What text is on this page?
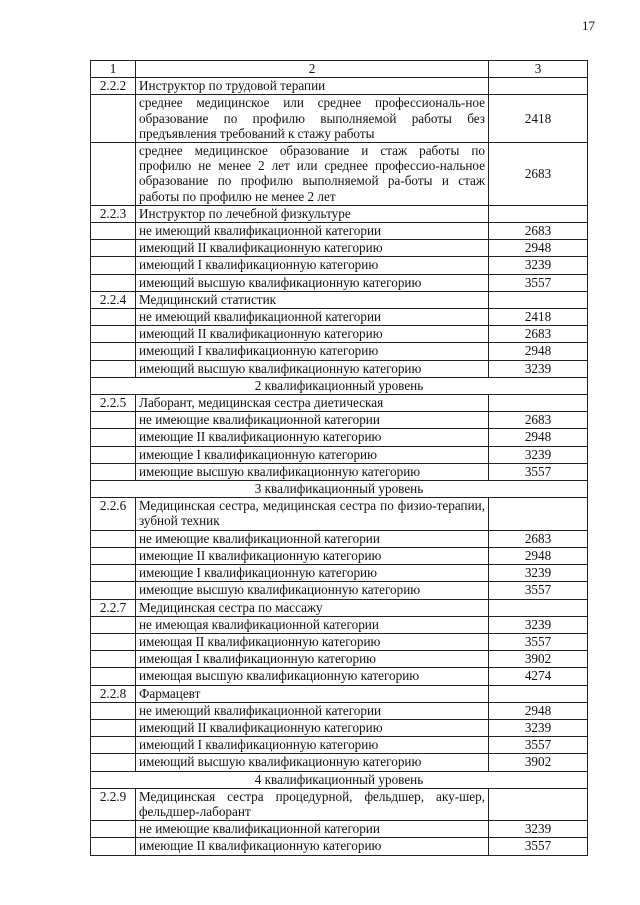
17
1	2	3
2.2.2	Инструктор по трудовой терапии	
	среднее медицинское или среднее профессиональ-ное образование по профилю выполняемой работы без предъявления требований к стажу работы	2418
	среднее медицинское образование и стаж работы по профилю не менее 2 лет или среднее профессио-нальное образование по профилю выполняемой ра-боты и стаж работы по профилю не менее 2 лет	2683
2.2.3	Инструктор по лечебной физкультуре	
	не имеющий квалификационной категории	2683
	имеющий II квалификационную категорию	2948
	имеющий I квалификационную категорию	3239
	имеющий высшую квалификационную категорию	3557
2.2.4	Медицинский статистик	
	не имеющий квалификационной категории	2418
	имеющий II квалификационную категорию	2683
	имеющий I квалификационную категорию	2948
	имеющий высшую квалификационную категорию	3239
2 квалификационный уровень		
2.2.5	Лаборант, медицинская сестра диетическая	
	не имеющие квалификационной категории	2683
	имеющие II квалификационную категорию	2948
	имеющие I квалификационную категорию	3239
	имеющие высшую квалификационную категорию	3557
3 квалификационный уровень		
2.2.6	Медицинская сестра, медицинская сестра по физио-терапии, зубной техник	
	не имеющие квалификационной категории	2683
	имеющие II квалификационную категорию	2948
	имеющие I квалификационную категорию	3239
	имеющие высшую квалификационную категорию	3557
2.2.7	Медицинская сестра по массажу	
	не имеющая квалификационной категории	3239
	имеющая II квалификационную категорию	3557
	имеющая I квалификационную категорию	3902
	имеющая высшую квалификационную категорию	4274
2.2.8	Фармацевт	
	не имеющий квалификационной категории	2948
	имеющий II квалификационную категорию	3239
	имеющий I квалификационную категорию	3557
	имеющий высшую квалификационную категорию	3902
4 квалификационный уровень		
2.2.9	Медицинская сестра процедурной, фельдшер, аку-шер, фельдшер-лаборант	
	не имеющие квалификационной категории	3239
	имеющие II квалификационную категорию	3557
